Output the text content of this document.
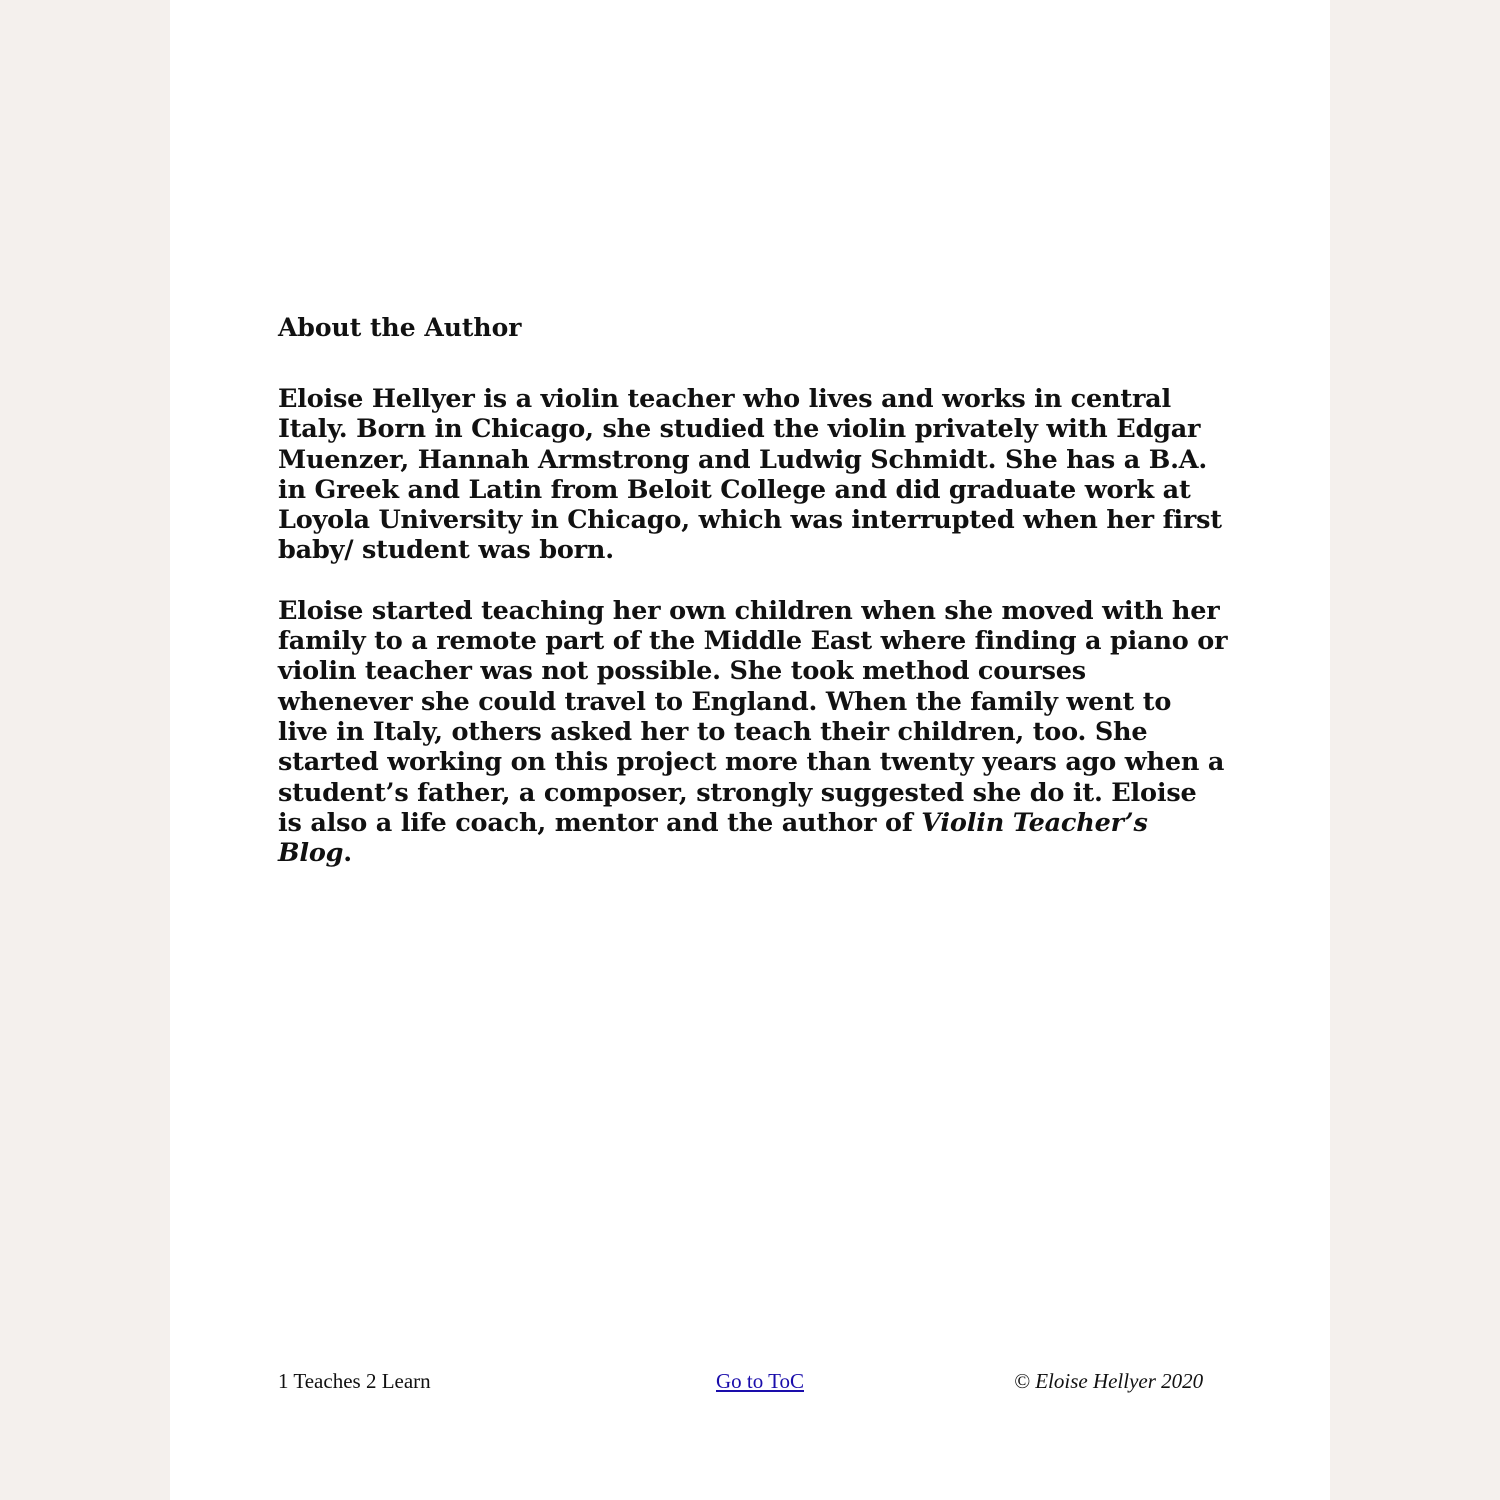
About the Author

Eloise Hellyer is a violin teacher who lives and works in central Italy. Born in Chicago, she studied the violin privately with Edgar Muenzer, Hannah Armstrong and Ludwig Schmidt. She has a B.A. in Greek and Latin from Beloit College and did graduate work at Loyola University in Chicago, which was interrupted when her first baby/ student was born.

Eloise started teaching her own children when she moved with her family to a remote part of the Middle East where finding a piano or violin teacher was not possible. She took method courses whenever she could travel to England. When the family went to live in Italy, others asked her to teach their children, too. She started working on this project more than twenty years ago when a student’s father, a composer, strongly suggested she do it. Eloise is also a life coach, mentor and the author of Violin Teacher’s Blog.

1 Teaches 2 Learn	Go to ToC	© Eloise Hellyer 2020
